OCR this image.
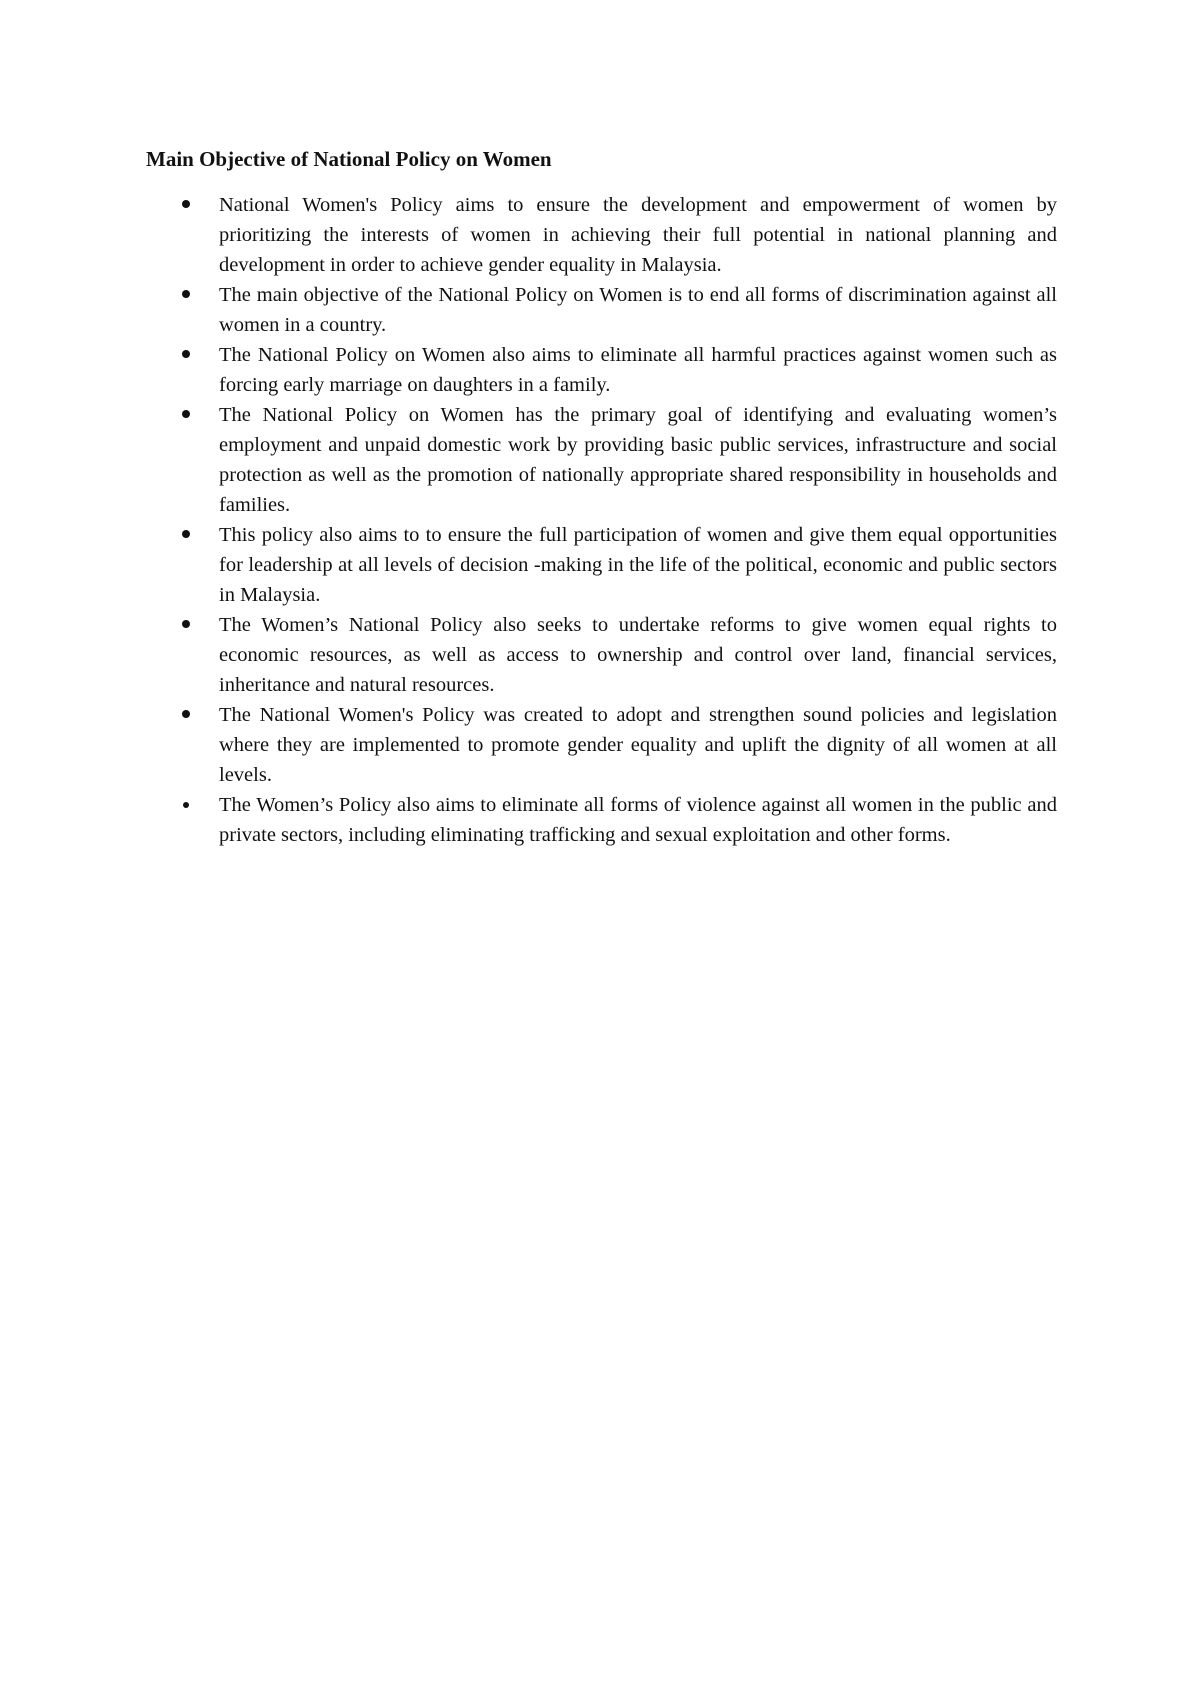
Main Objective of National Policy on Women
National Women's Policy aims to ensure the development and empowerment of women by prioritizing the interests of women in achieving their full potential in national planning and development in order to achieve gender equality in Malaysia.
The main objective of the National Policy on Women is to end all forms of discrimination against all women in a country.
The National Policy on Women also aims to eliminate all harmful practices against women such as forcing early marriage on daughters in a family.
The National Policy on Women has the primary goal of identifying and evaluating women’s employment and unpaid domestic work by providing basic public services, infrastructure and social protection as well as the promotion of nationally appropriate shared responsibility in households and families.
This policy also aims to to ensure the full participation of women and give them equal opportunities for leadership at all levels of decision -making in the life of the political, economic and public sectors in Malaysia.
The Women’s National Policy also seeks to undertake reforms to give women equal rights to economic resources, as well as access to ownership and control over land, financial services, inheritance and natural resources.
The National Women's Policy was created to adopt and strengthen sound policies and legislation where they are implemented to promote gender equality and uplift the dignity of all women at all levels.
The Women’s Policy also aims to eliminate all forms of violence against all women in the public and private sectors, including eliminating trafficking and sexual exploitation and other forms.
